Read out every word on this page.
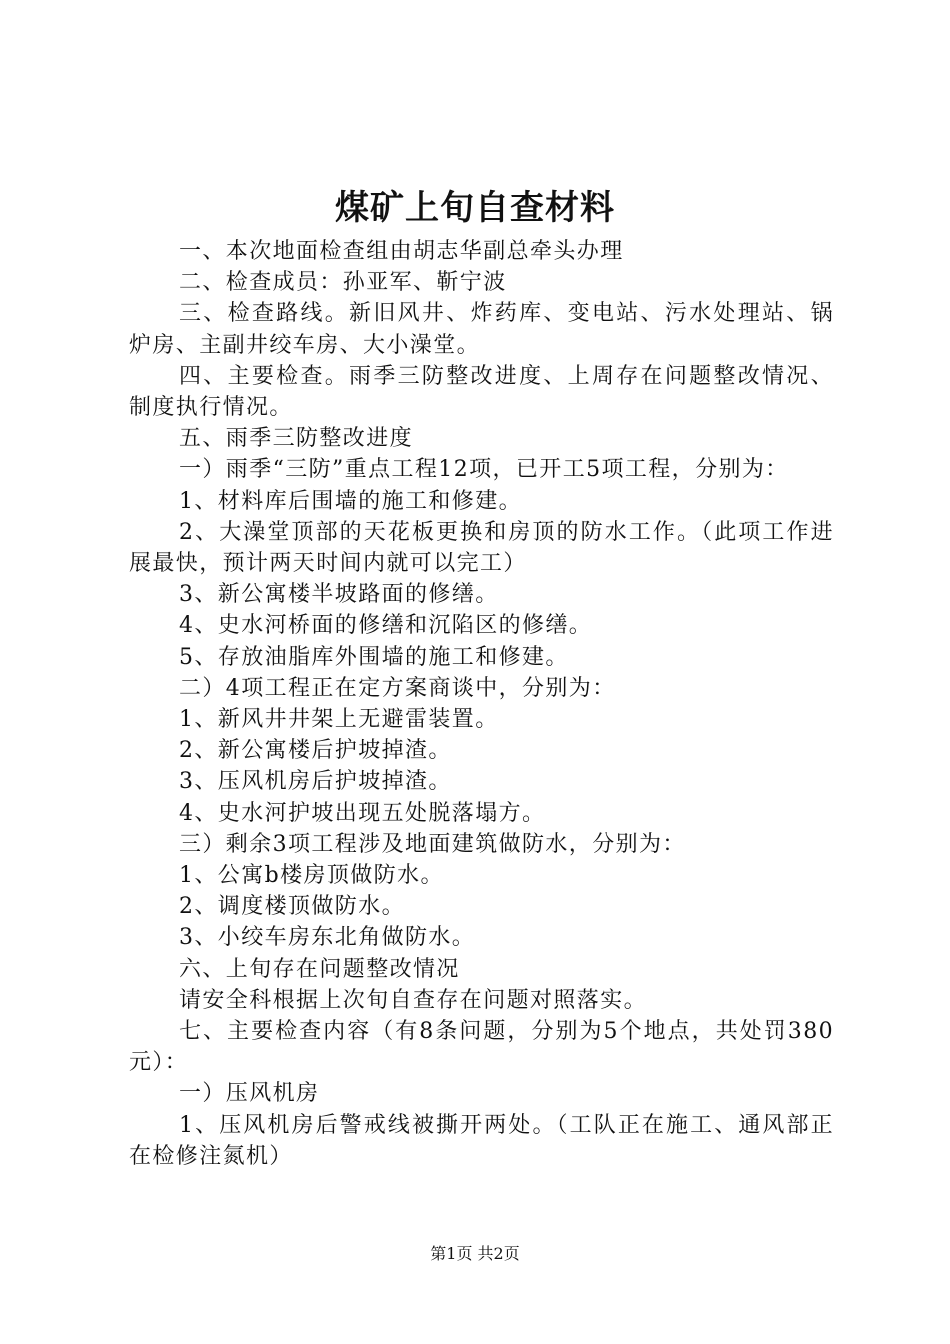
煤矿上旬自查材料

一、本次地面检查组由胡志华副总牵头办理

二、检查成员：孙亚军、靳宁波

三、检查路线。新旧风井、炸药库、变电站、污水处理站、锅炉房、主副井绞车房、大小澡堂。

四、主要检查。雨季三防整改进度、上周存在问题整改情况、制度执行情况。

五、雨季三防整改进度

一）雨季“三防”重点工程12项，已开工5项工程，分别为：

1、材料库后围墙的施工和修建。

2、大澡堂顶部的天花板更换和房顶的防水工作。（此项工作进展最快，预计两天时间内就可以完工）

3、新公寓楼半坡路面的修缮。

4、史水河桥面的修缮和沉陷区的修缮。

5、存放油脂库外围墙的施工和修建。

二）4项工程正在定方案商谈中，分别为：

1、新风井井架上无避雷装置。

2、新公寓楼后护坡掉渣。

3、压风机房后护坡掉渣。

4、史水河护坡出现五处脱落塌方。

三）剩余3项工程涉及地面建筑做防水，分别为：

1、公寓b楼房顶做防水。

2、调度楼顶做防水。

3、小绞车房东北角做防水。

六、上旬存在问题整改情况

请安全科根据上次旬自查存在问题对照落实。

七、主要检查内容（有8条问题，分别为5个地点，共处罚380元）：

一）压风机房

1、压风机房后警戒线被撕开两处。（工队正在施工、通风部正在检修注氮机）

第1页 共2页
